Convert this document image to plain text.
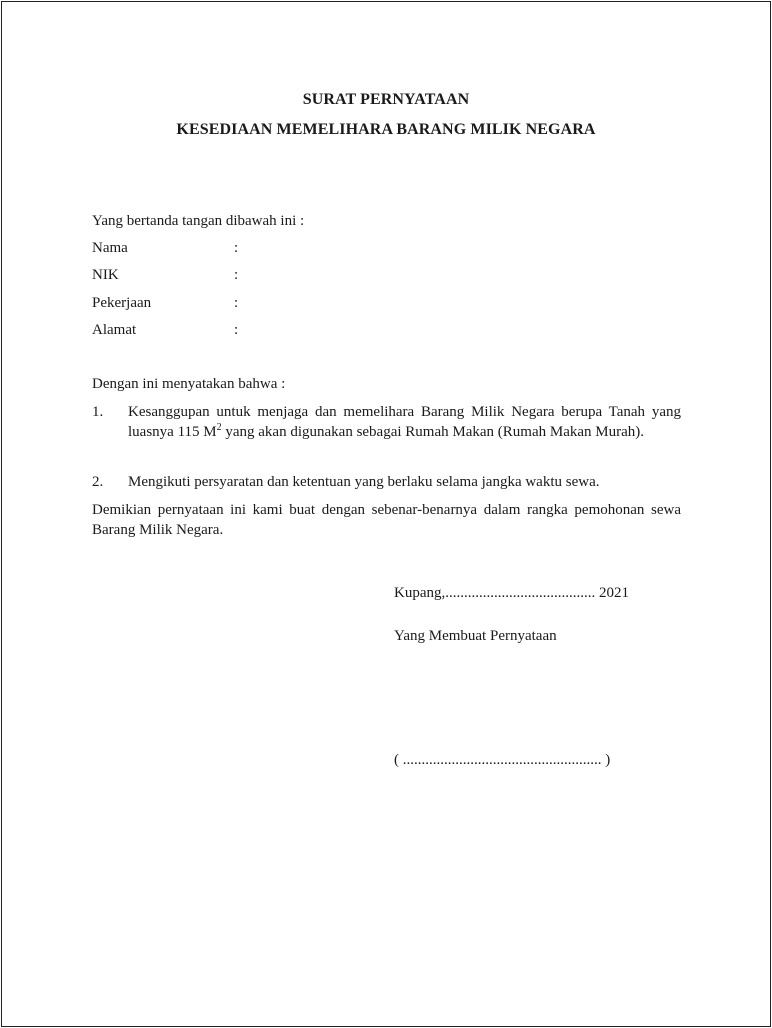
SURAT PERNYATAAN
KESEDIAAN MEMELIHARA BARANG MILIK NEGARA
Yang bertanda tangan dibawah ini :
Nama	:
NIK	:
Pekerjaan	:
Alamat	:
Dengan ini menyatakan bahwa :
1. Kesanggupan untuk menjaga dan memelihara Barang Milik Negara berupa Tanah yang luasnya 115 $M^2$ yang akan digunakan sebagai Rumah Makan (Rumah Makan Murah).
2. Mengikuti persyaratan dan ketentuan yang berlaku selama jangka waktu sewa.
Demikian pernyataan ini kami buat dengan sebenar-benarnya dalam rangka pemohonan sewa Barang Milik Negara.
Kupang,........................................ 2021
Yang Membuat Pernyataan
( ..................................................... )
